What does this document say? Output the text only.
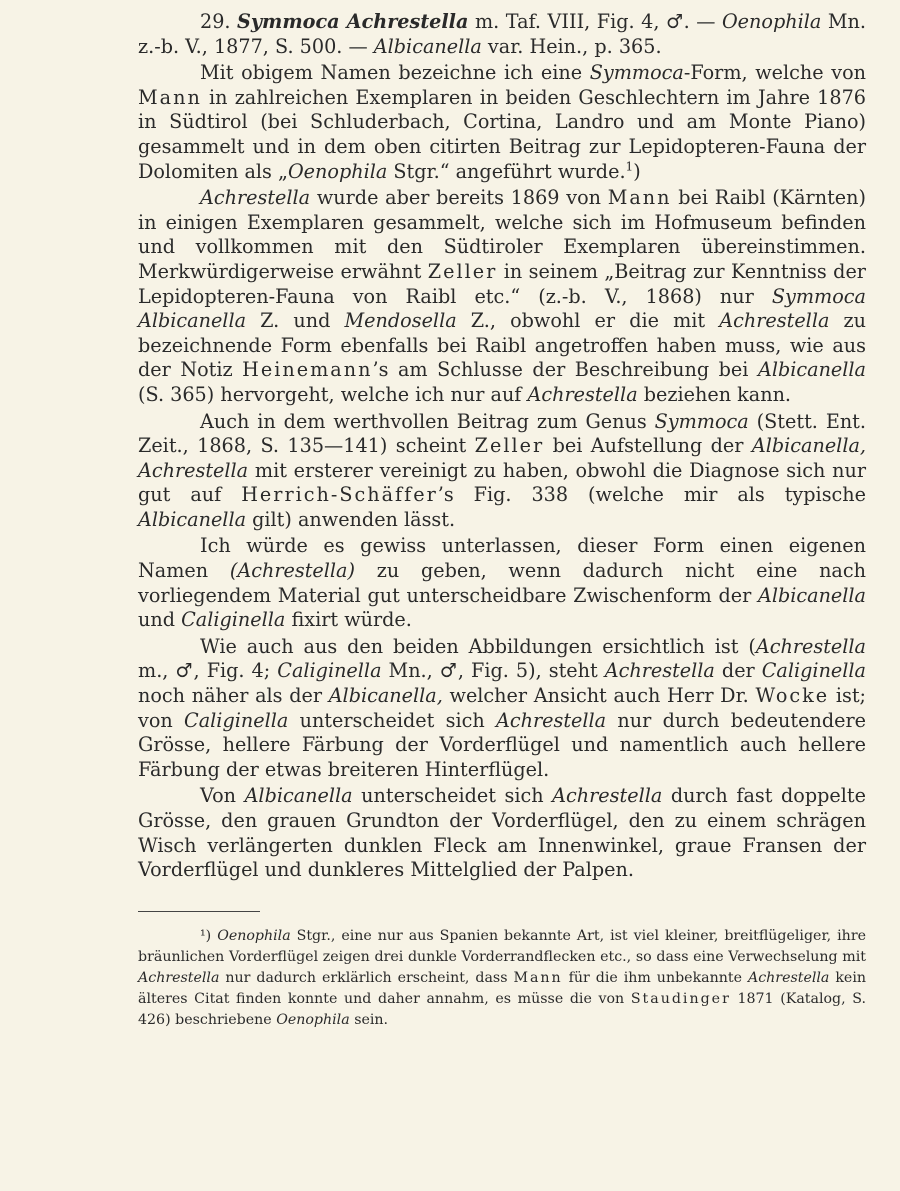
29. Symmoca Achrestella m. Taf. VIII, Fig. 4, ♂. — Oenophila Mn. z.-b. V., 1877, S. 500. — Albicanella var. Hein., p. 365.

Mit obigem Namen bezeichne ich eine Symmoca-Form, welche von Mann in zahlreichen Exemplaren in beiden Geschlechtern im Jahre 1876 in Südtirol (bei Schluderbach, Cortina, Landro und am Monte Piano) gesammelt und in dem oben citirten Beitrag zur Lepidopteren-Fauna der Dolomiten als „Oenophila Stgr.“ angeführt wurde.$^1$)

Achrestella wurde aber bereits 1869 von Mann bei Raibl (Kärnten) in einigen Exemplaren gesammelt, welche sich im Hofmuseum befinden und vollkommen mit den Südtiroler Exemplaren übereinstimmen. Merkwürdigerweise erwähnt Zeller in seinem „Beitrag zur Kenntniss der Lepidopteren-Fauna von Raibl etc.“ (z.-b. V., 1868) nur Symmoca Albicanella Z. und Mendosella Z., obwohl er die mit Achrestella zu bezeichnende Form ebenfalls bei Raibl angetroffen haben muss, wie aus der Notiz Heinemann’s am Schlusse der Beschreibung bei Albicanella (S. 365) hervorgeht, welche ich nur auf Achrestella beziehen kann.

Auch in dem werthvollen Beitrag zum Genus Symmoca (Stett. Ent. Zeit., 1868, S. 135—141) scheint Zeller bei Aufstellung der Albicanella, Achrestella mit ersterer vereinigt zu haben, obwohl die Diagnose sich nur gut auf Herrich-Schäffer’s Fig. 338 (welche mir als typische Albicanella gilt) anwenden lässt.

Ich würde es gewiss unterlassen, dieser Form einen eigenen Namen (Achrestella) zu geben, wenn dadurch nicht eine nach vorliegendem Material gut unterscheidbare Zwischenform der Albicanella und Caliginella fixirt würde.

Wie auch aus den beiden Abbildungen ersichtlich ist (Achrestella m., ♂, Fig. 4; Caliginella Mn., ♂, Fig. 5), steht Achrestella der Caliginella noch näher als der Albicanella, welcher Ansicht auch Herr Dr. Wocke ist; von Caliginella unterscheidet sich Achrestella nur durch bedeutendere Grösse, hellere Färbung der Vorderflügel und namentlich auch hellere Färbung der etwas breiteren Hinterflügel.

Von Albicanella unterscheidet sich Achrestella durch fast doppelte Grösse, den grauen Grundton der Vorderflügel, den zu einem schrägen Wisch verlängerten dunklen Fleck am Innenwinkel, graue Fransen der Vorderflügel und dunkleres Mittelglied der Palpen.

¹) Oenophila Stgr., eine nur aus Spanien bekannte Art, ist viel kleiner, breitflügeliger, ihre bräunlichen Vorderflügel zeigen drei dunkle Vorderrandflecken etc., so dass eine Verwechselung mit Achrestella nur dadurch erklärlich erscheint, dass Mann für die ihm unbekannte Achrestella kein älteres Citat finden konnte und daher annahm, es müsse die von Staudinger 1871 (Katalog, S. 426) beschriebene Oenophila sein.
